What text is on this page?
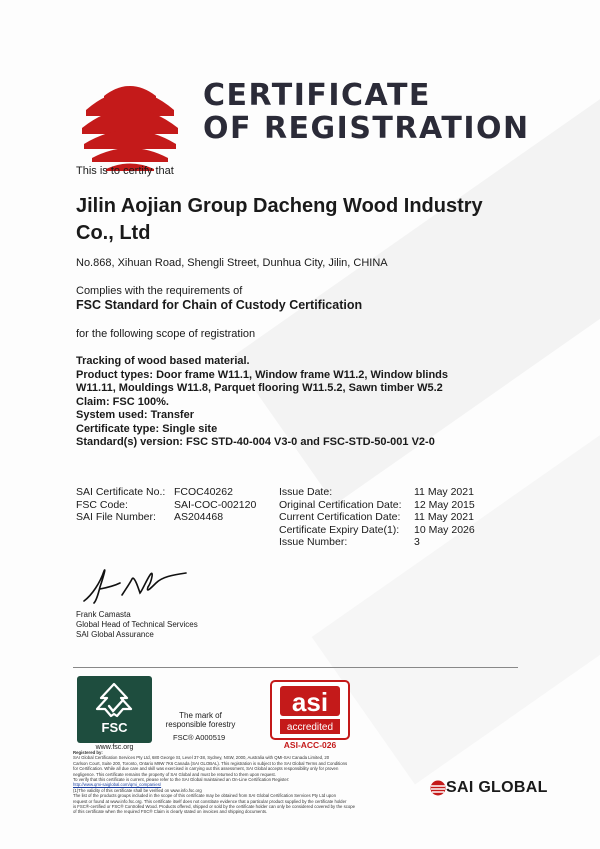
CERTIFICATE
OF REGISTRATION
This is to certify that
Jilin Aojian Group Dacheng Wood Industry
Co., Ltd
No.868, Xihuan Road, Shengli Street, Dunhua City, Jilin, CHINA
Complies with the requirements of
FSC Standard for Chain of Custody Certification
for the following scope of registration
Tracking of wood based material.
Product types: Door frame W11.1, Window frame W11.2, Window blinds
W11.11, Mouldings W11.8, Parquet flooring W11.5.2, Sawn timber W5.2
Claim: FSC 100%.
System used: Transfer
Certificate type: Single site
Standard(s) version: FSC STD-40-004 V3-0 and FSC-STD-50-001 V2-0
SAI Certificate No.:
FSC Code:
SAI File Number:
FCOC40262
SAI-COC-002120
AS204468
Issue Date:
Original Certification Date:
Current Certification Date:
Certificate Expiry Date(1):
Issue Number:
11 May 2021
12 May 2015
11 May 2021
10 May 2026
3
Frank Camasta
Global Head of Technical Services
SAI Global Assurance
FSC
www.fsc.org
The mark of
responsible forestry
FSC® A000519
asi
accredited
ASI-ACC-026
Registered by:
SAI Global Certification Services Pty Ltd, 680 George St, Level 37-38, Sydney, NSW, 2000, Australia with QMI-SAI Canada Limited, 20
Carlson Court, Suite 200, Toronto, Ontario M9W 7K6 Canada (SAI GLOBAL). This registration is subject to the SAI Global Terms and Conditions
for Certification. While all due care and skill was exercised in carrying out this assessment, SAI Global accepts responsibility only for proven
negligence. This certificate remains the property of SAI Global and must be returned to them upon request.
To verify that this certificate is current, please refer to the SAI Global maintained an On-Line Certification Register:
http://www.qmi-saiglobal.com/qmi_companies/
(1)The validity of this certificate shall be verified on www.info.fsc.org
The list of the products groups included in the scope of this certificate may be obtained from SAI Global Certification Services Pty Ltd upon
request or found at www.info.fsc.org. This certificate itself does not constitute evidence that a particular product supplied by the certificate holder
is FSC®-certified or FSC® Controlled Wood. Products offered, shipped or sold by the certificate holder can only be considered covered by the scope
of this certificate when the required FSC® Claim is clearly stated on invoices and shipping documents.
SAI GLOBAL
